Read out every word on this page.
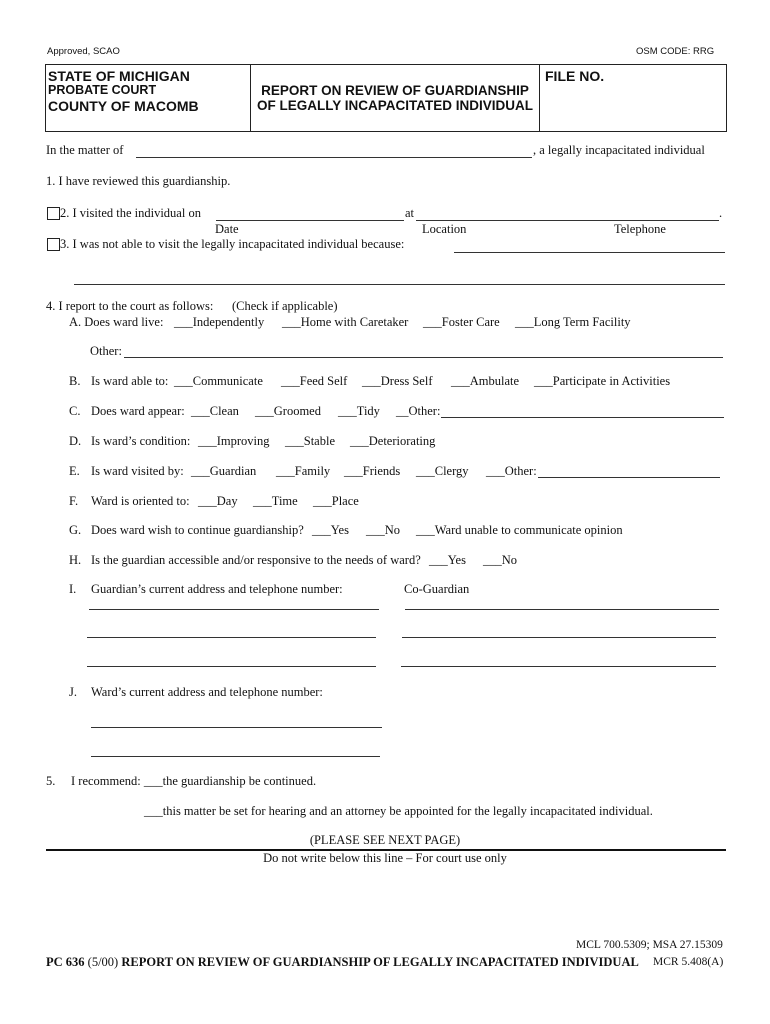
Approved, SCAO	OSM CODE: RRG
STATE OF MICHIGAN
PROBATE COURT
COUNTY OF MACOMB
REPORT ON REVIEW OF GUARDIANSHIP
OF LEGALLY INCAPACITATED INDIVIDUAL
FILE NO.
In the matter of	, a legally incapacitated individual
1. I have reviewed this guardianship.
2. I visited the individual on	at	.
Date	Location	Telephone
3. I was not able to visit the legally incapacitated individual because:
4. I report to the court as follows: (Check if applicable)
A. Does ward live: ___Independently ___Home with Caretaker ___Foster Care ___Long Term Facility
Other:
B. Is ward able to: ___Communicate ___Feed Self ___Dress Self ___Ambulate ___Participate in Activities
C. Does ward appear: ___Clean ___Groomed ___Tidy __Other:
D. Is ward’s condition: ___Improving ___Stable ___Deteriorating
E. Is ward visited by: ___Guardian ___Family ___Friends ___Clergy ___Other:
F. Ward is oriented to: ___Day ___Time ___Place
G. Does ward wish to continue guardianship? ___Yes ___No ___Ward unable to communicate opinion
H. Is the guardian accessible and/or responsive to the needs of ward? ___Yes ___No
I. Guardian’s current address and telephone number:	Co-Guardian
J. Ward’s current address and telephone number:
5. I recommend: ___the guardianship be continued.
___this matter be set for hearing and an attorney be appointed for the legally incapacitated individual.
(PLEASE SEE NEXT PAGE)
Do not write below this line – For court use only
MCL 700.5309; MSA 27.15309
PC 636 (5/00) REPORT ON REVIEW OF GUARDIANSHIP OF LEGALLY INCAPACITATED INDIVIDUAL MCR 5.408(A)
